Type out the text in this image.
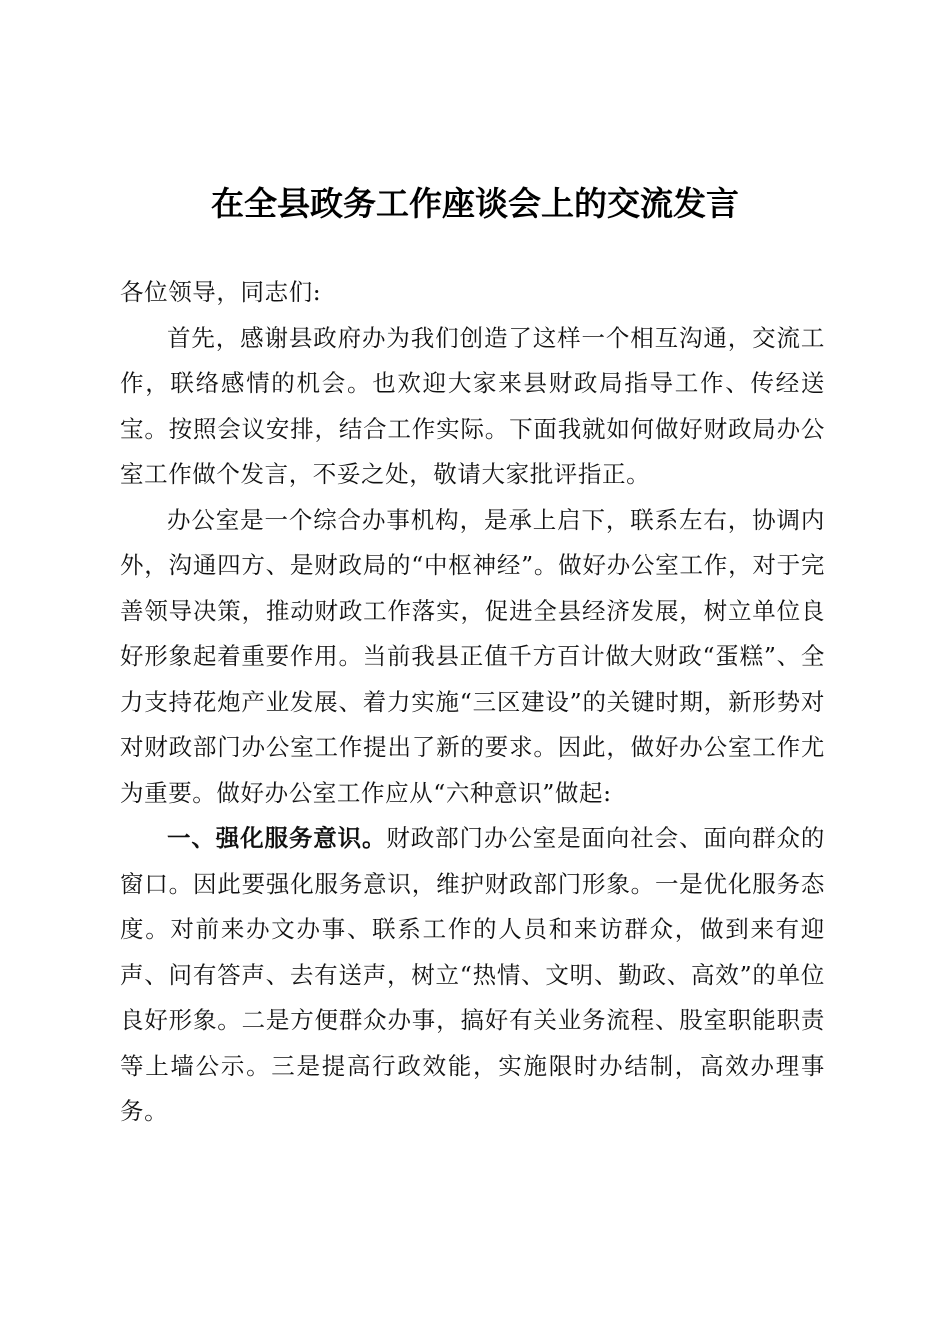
在全县政务工作座谈会上的交流发言

各位领导，同志们:

首先，感谢县政府办为我们创造了这样一个相互沟通，交流工作，联络感情的机会。也欢迎大家来县财政局指导工作、传经送宝。按照会议安排，结合工作实际。下面我就如何做好财政局办公室工作做个发言，不妥之处，敬请大家批评指正。

办公室是一个综合办事机构，是承上启下，联系左右，协调内外，沟通四方、是财政局的“中枢神经”。做好办公室工作，对于完善领导决策，推动财政工作落实，促进全县经济发展，树立单位良好形象起着重要作用。当前我县正值千方百计做大财政“蛋糕”、全力支持花炮产业发展、着力实施“三区建设”的关键时期，新形势对对财政部门办公室工作提出了新的要求。因此，做好办公室工作尤为重要。做好办公室工作应从“六种意识”做起:

一、强化服务意识。财政部门办公室是面向社会、面向群众的窗口。因此要强化服务意识，维护财政部门形象。一是优化服务态度。对前来办文办事、联系工作的人员和来访群众，做到来有迎声、问有答声、去有送声，树立“热情、文明、勤政、高效”的单位良好形象。二是方便群众办事，搞好有关业务流程、股室职能职责等上墙公示。三是提高行政效能，实施限时办结制，高效办理事务。
